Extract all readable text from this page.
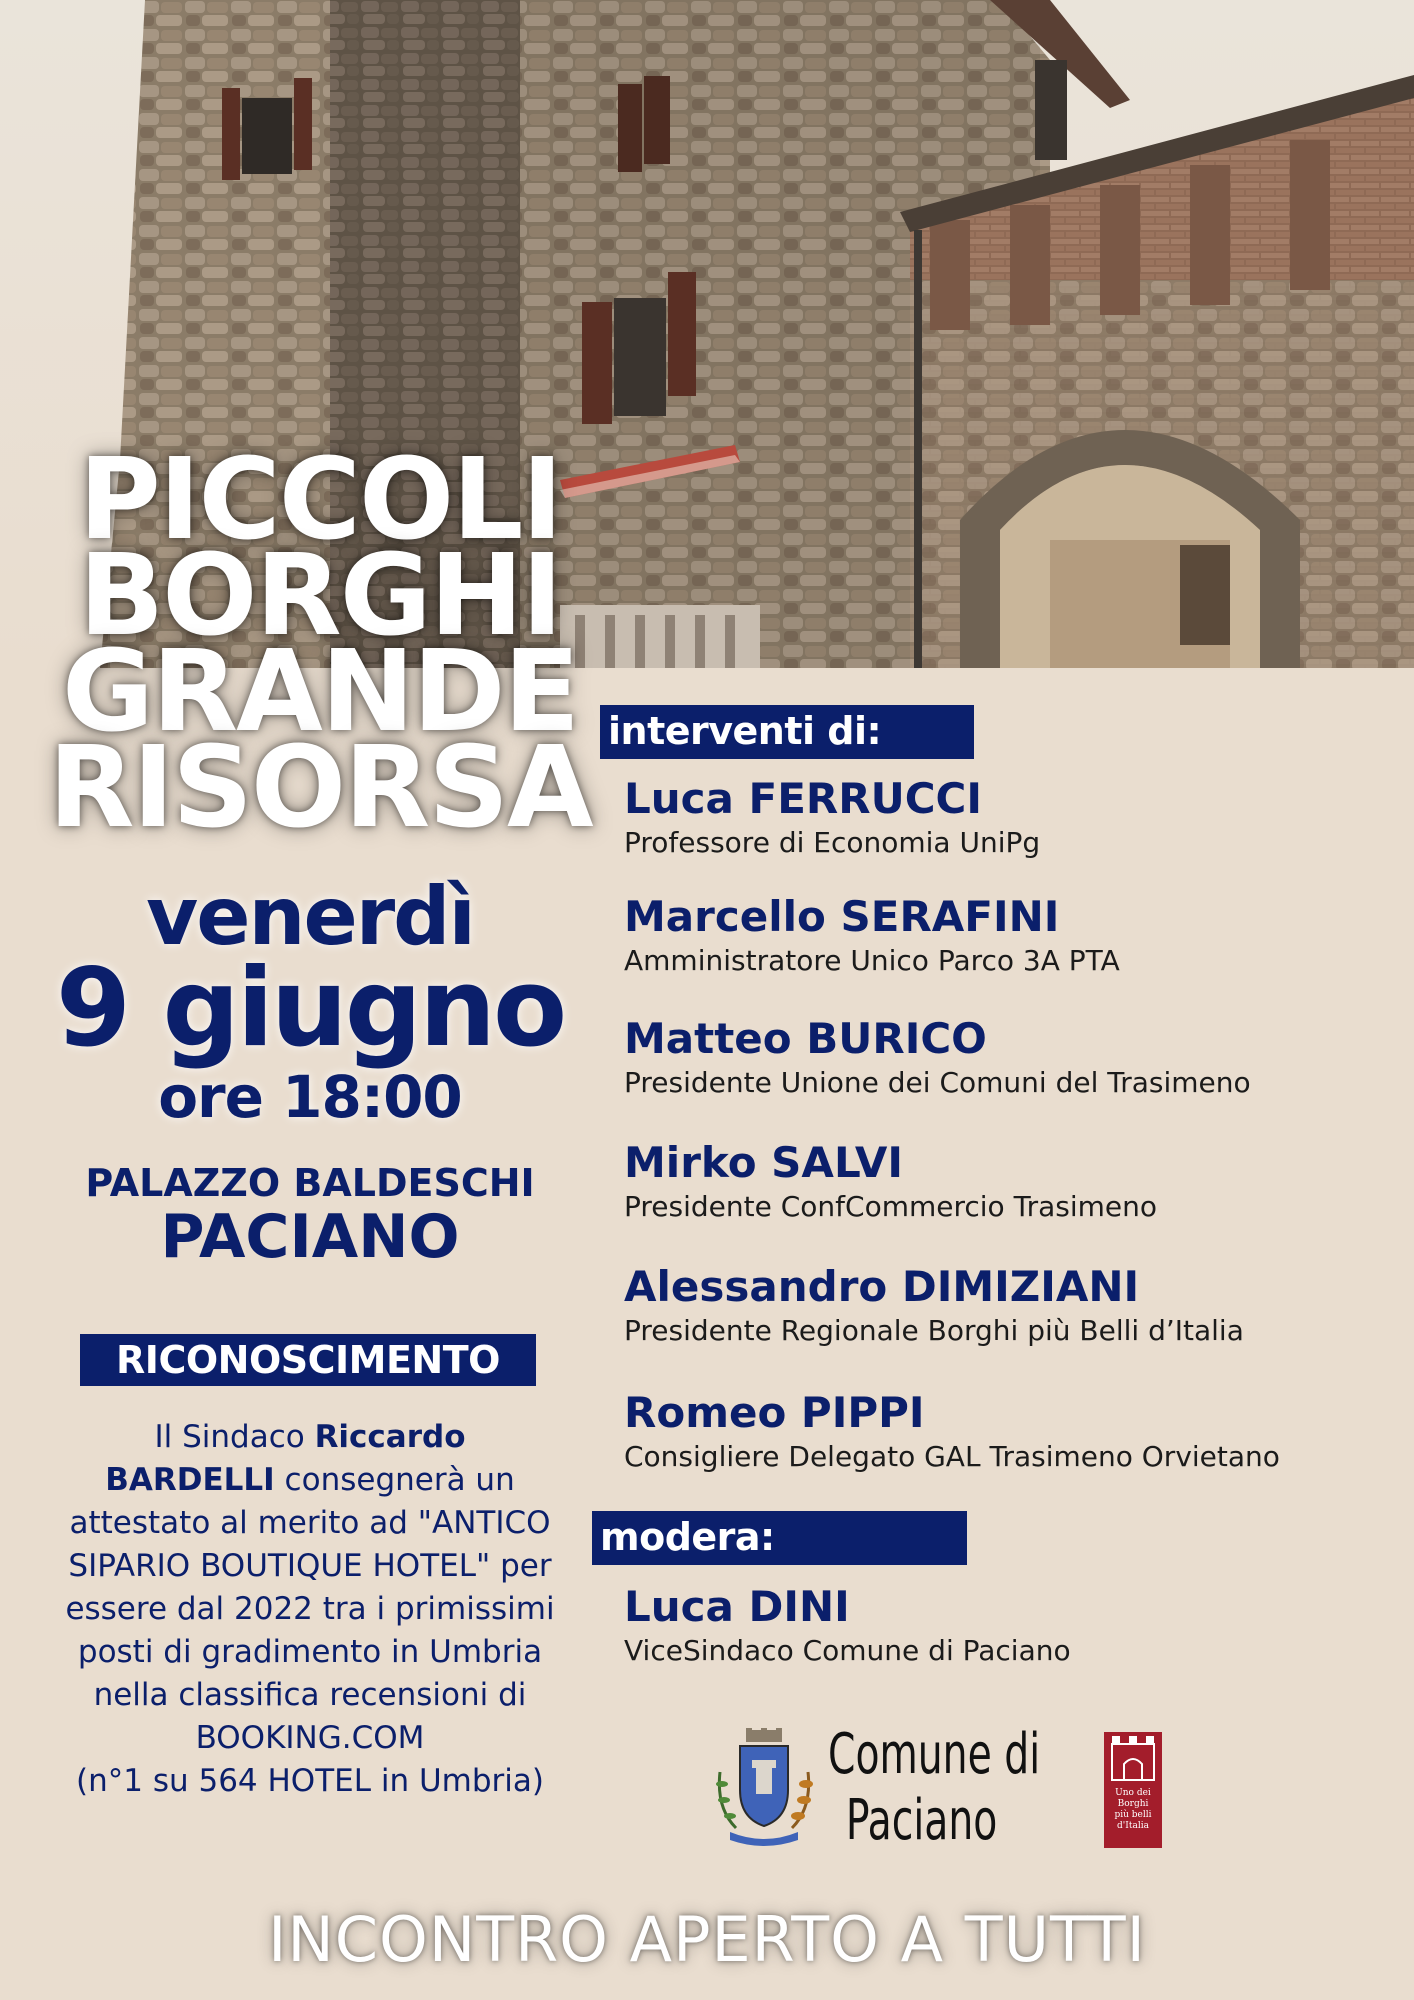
PICCOLI
BORGHI
GRANDE
RISORSA
venerdì
9 giugno
ore 18:00
PALAZZO BALDESCHI
PACIANO
RICONOSCIMENTO
Il Sindaco Riccardo
BARDELLI consegnerà un attestato al merito ad "ANTICO SIPARIO BOUTIQUE HOTEL" per essere dal 2022 tra i primissimi posti di gradimento in Umbria nella classifica recensioni di BOOKING.COM
(n°1 su 564 HOTEL in Umbria)
interventi di:
Luca FERRUCCI
Professore di Economia UniPg
Marcello SERAFINI
Amministratore Unico Parco 3A PTA
Matteo BURICO
Presidente Unione dei Comuni del Trasimeno
Mirko SALVI
Presidente ConfCommercio Trasimeno
Alessandro DIMIZIANI
Presidente Regionale Borghi più Belli d’Italia
Romeo PIPPI
Consigliere Delegato GAL Trasimeno Orvietano
modera:
Luca DINI
ViceSindaco Comune di Paciano
Comune di
Paciano	Uno dei
Borghi
più belli
d'Italia
INCONTRO APERTO A TUTTI
